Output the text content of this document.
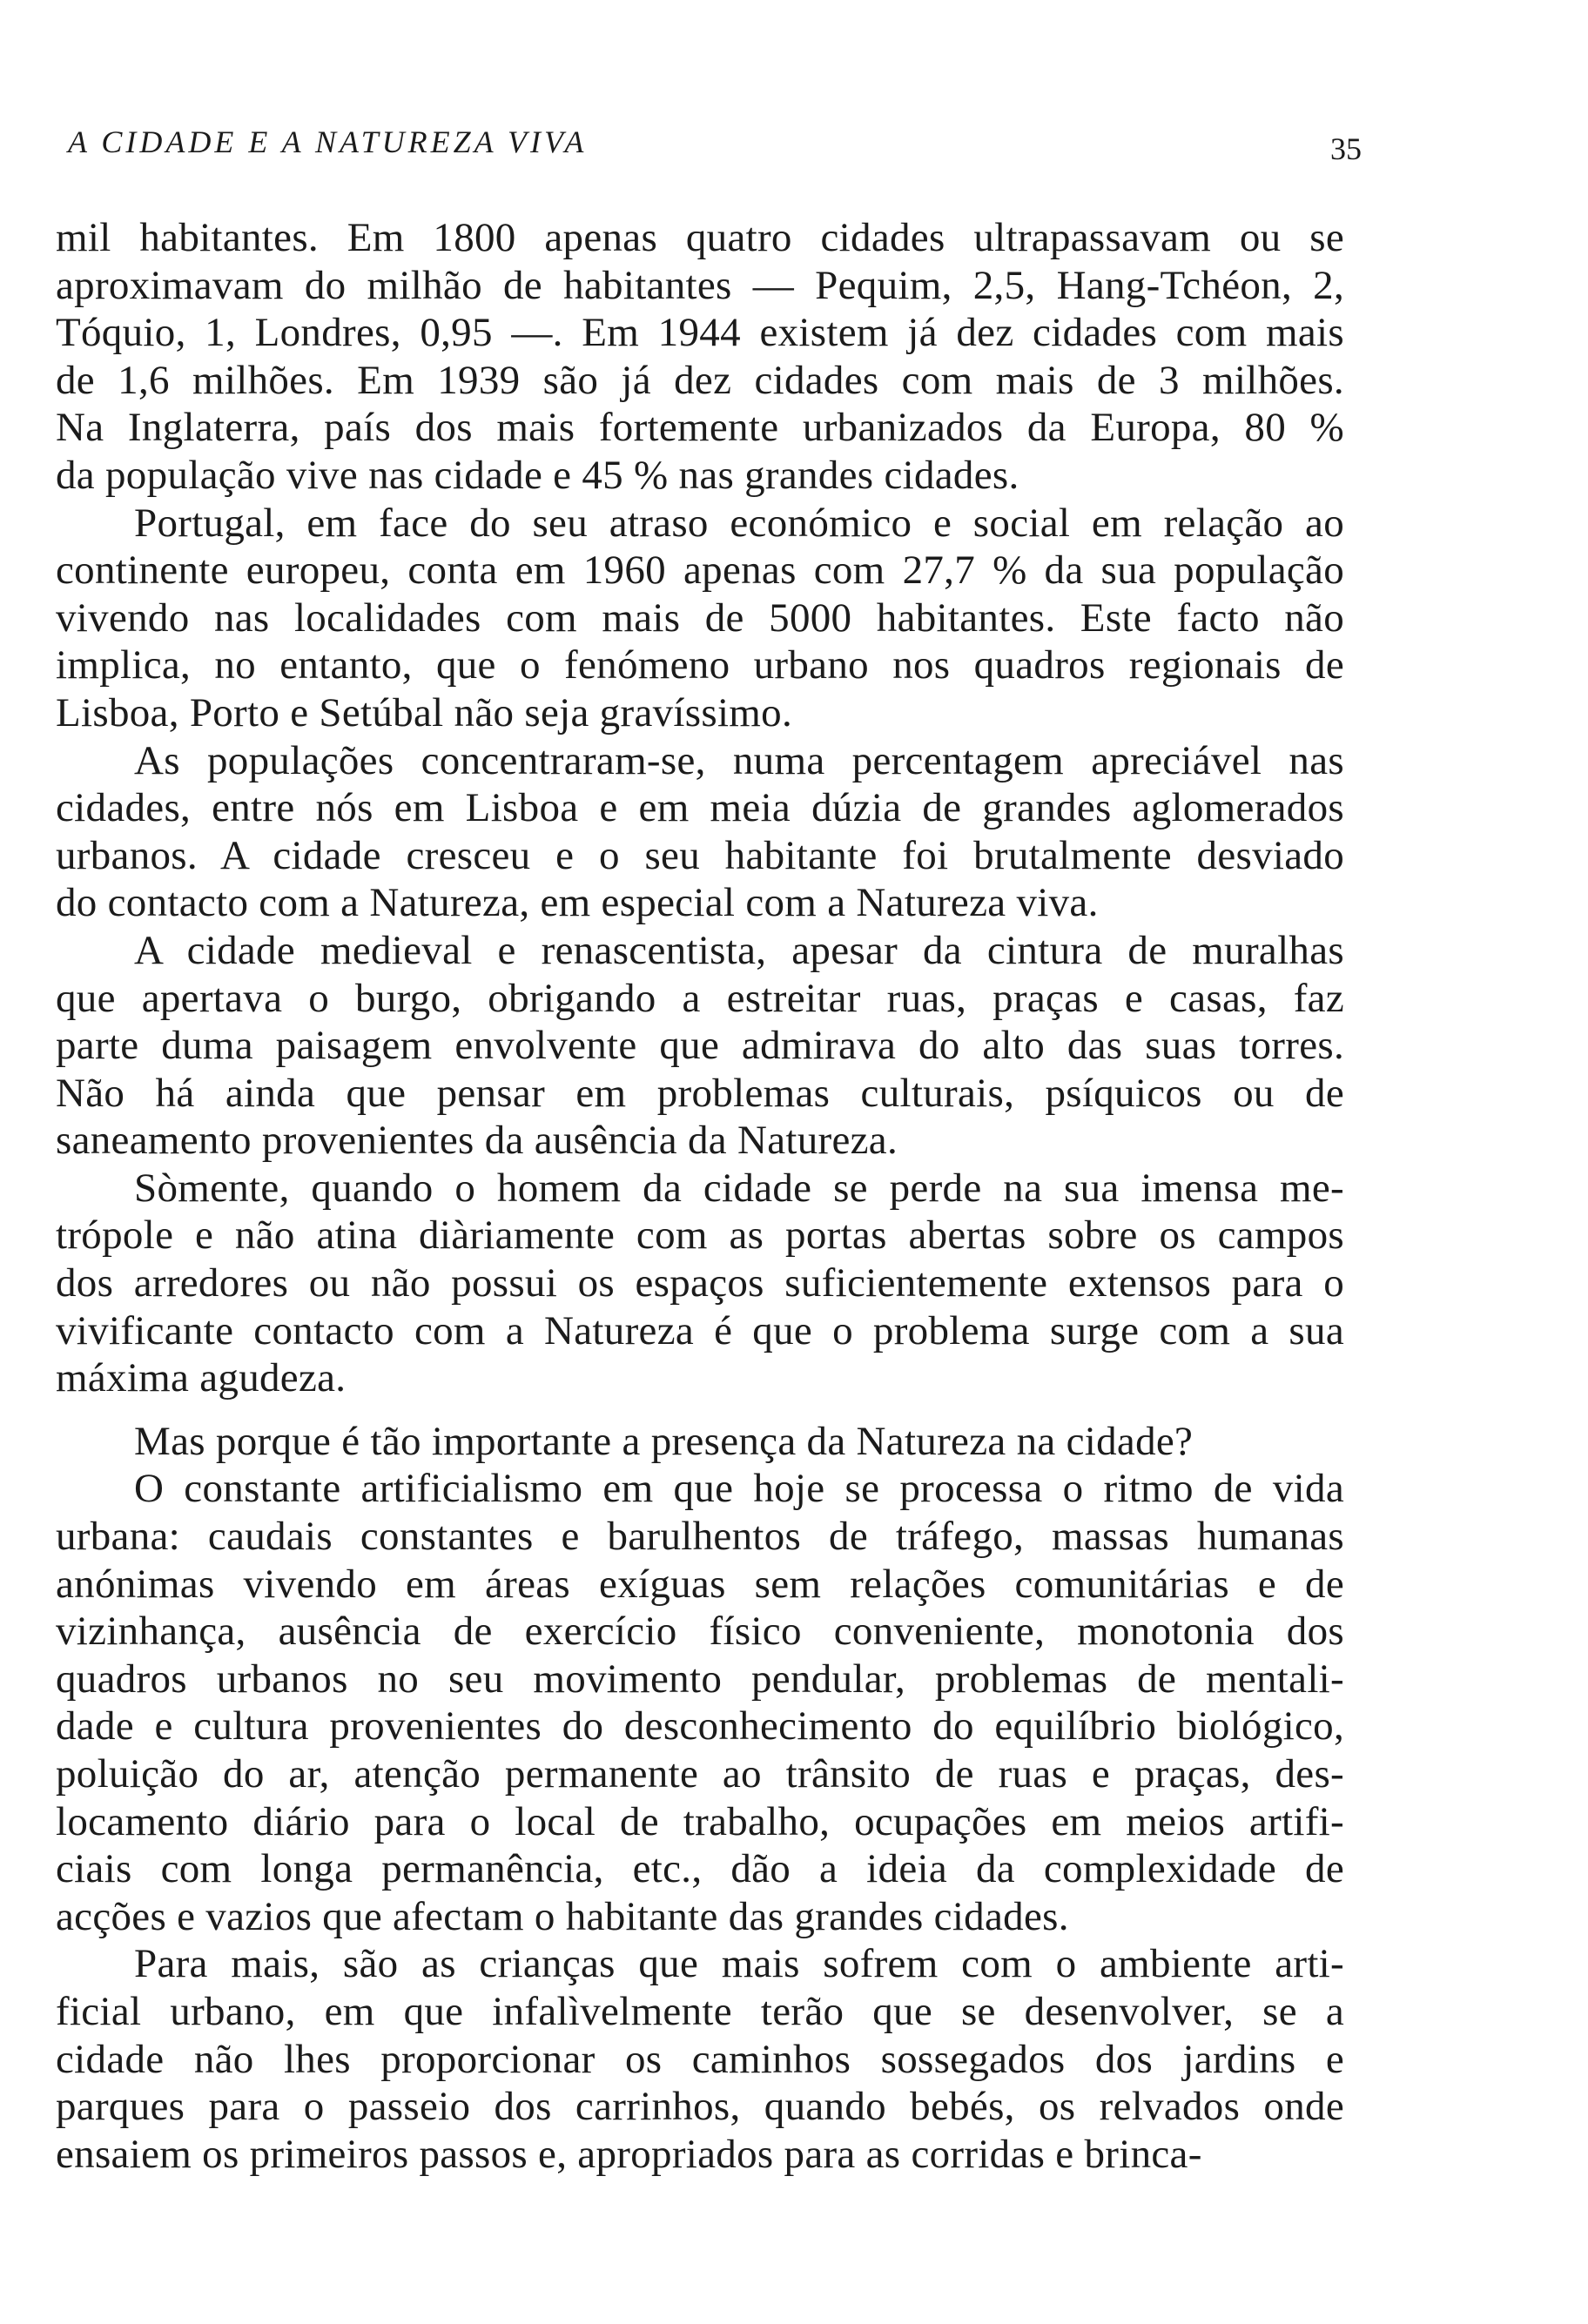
A CIDADE E A NATUREZA VIVA	35
mil habitantes. Em 1800 apenas quatro cidades ultrapassavam ou se
aproximavam do milhão de habitantes — Pequim, 2,5, Hang-Tchéon, 2,
Tóquio, 1, Londres, 0,95 —. Em 1944 existem já dez cidades com mais
de 1,6 milhões. Em 1939 são já dez cidades com mais de 3 milhões.
Na Inglaterra, país dos mais fortemente urbanizados da Europa, 80 %
da população vive nas cidade e 45 % nas grandes cidades.
Portugal, em face do seu atraso económico e social em relação ao
continente europeu, conta em 1960 apenas com 27,7 % da sua população
vivendo nas localidades com mais de 5000 habitantes. Este facto não
implica, no entanto, que o fenómeno urbano nos quadros regionais de
Lisboa, Porto e Setúbal não seja gravíssimo.
As populações concentraram-se, numa percentagem apreciável nas
cidades, entre nós em Lisboa e em meia dúzia de grandes aglomerados
urbanos. A cidade cresceu e o seu habitante foi brutalmente desviado
do contacto com a Natureza, em especial com a Natureza viva.
A cidade medieval e renascentista, apesar da cintura de muralhas
que apertava o burgo, obrigando a estreitar ruas, praças e casas, faz
parte duma paisagem envolvente que admirava do alto das suas torres.
Não há ainda que pensar em problemas culturais, psíquicos ou de
saneamento provenientes da ausência da Natureza.
Sòmente, quando o homem da cidade se perde na sua imensa me-
trópole e não atina diàriamente com as portas abertas sobre os campos
dos arredores ou não possui os espaços suficientemente extensos para o
vivificante contacto com a Natureza é que o problema surge com a sua
máxima agudeza.
Mas porque é tão importante a presença da Natureza na cidade?
O constante artificialismo em que hoje se processa o ritmo de vida
urbana: caudais constantes e barulhentos de tráfego, massas humanas
anónimas vivendo em áreas exíguas sem relações comunitárias e de
vizinhança, ausência de exercício físico conveniente, monotonia dos
quadros urbanos no seu movimento pendular, problemas de mentali-
dade e cultura provenientes do desconhecimento do equilíbrio biológico,
poluição do ar, atenção permanente ao trânsito de ruas e praças, des-
locamento diário para o local de trabalho, ocupações em meios artifi-
ciais com longa permanência, etc., dão a ideia da complexidade de
acções e vazios que afectam o habitante das grandes cidades.
Para mais, são as crianças que mais sofrem com o ambiente arti-
ficial urbano, em que infalìvelmente terão que se desenvolver, se a
cidade não lhes proporcionar os caminhos sossegados dos jardins e
parques para o passeio dos carrinhos, quando bebés, os relvados onde
ensaiem os primeiros passos e, apropriados para as corridas e brinca-
